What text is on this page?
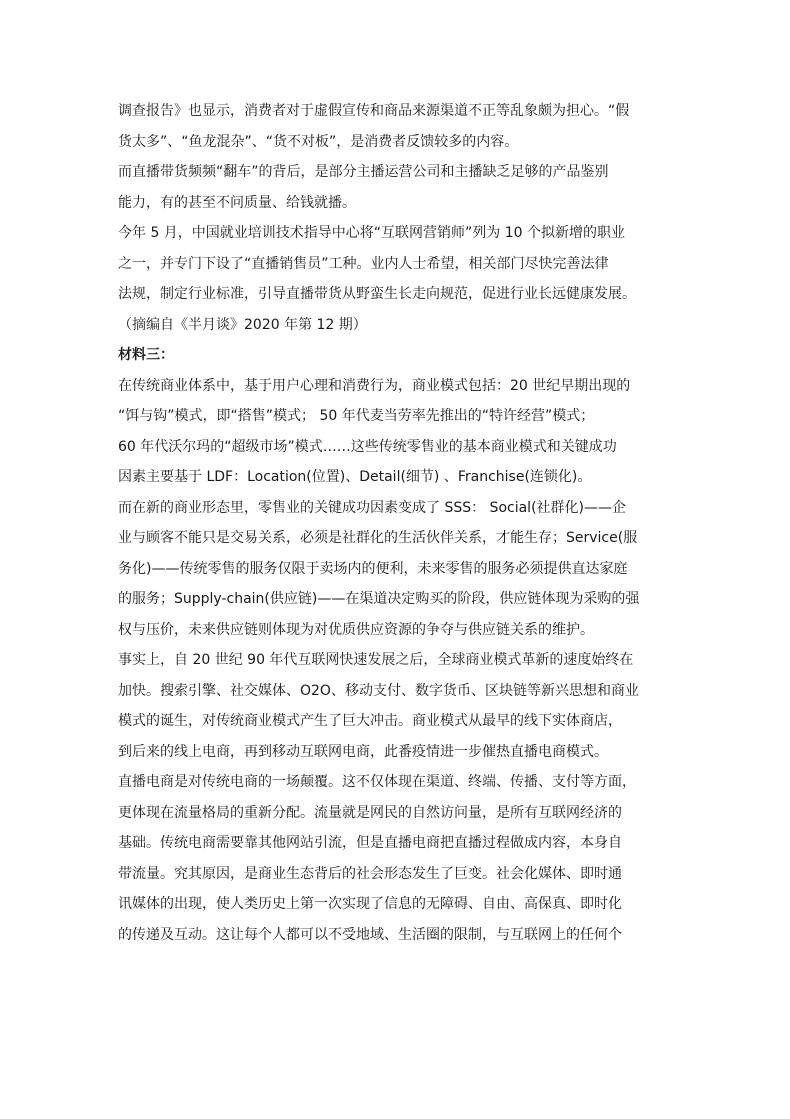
调查报告》也显示，消费者对于虚假宣传和商品来源渠道不正等乱象颇为担心。“假
货太多”、“鱼龙混杂”、“货不对板”，是消费者反馈较多的内容。
而直播带货频频“翻车”的背后，是部分主播运营公司和主播缺乏足够的产品鉴别
能力，有的甚至不问质量、给钱就播。
今年 5 月，中国就业培训技术指导中心将“互联网营销师”列为 10 个拟新增的职业
之一，并专门下设了“直播销售员”工种。业内人士希望，相关部门尽快完善法律
法规，制定行业标准，引导直播带货从野蛮生长走向规范，促进行业长远健康发展。
（摘编自《半月谈》2020 年第 12 期）
材料三：
在传统商业体系中，基于用户心理和消费行为，商业模式包括：20 世纪早期出现的
“饵与钩”模式，即“搭售”模式； 50 年代麦当劳率先推出的“特许经营”模式；
60 年代沃尔玛的“超级市场”模式……这些传统零售业的基本商业模式和关键成功
因素主要基于 LDF：Location(位置)、Detail(细节) 、Franchise(连锁化)。
而在新的商业形态里，零售业的关键成功因素变成了 SSS： Social(社群化)——企
业与顾客不能只是交易关系，必须是社群化的生活伙伴关系，才能生存；Service(服
务化)——传统零售的服务仅限于卖场内的便利，未来零售的服务必须提供直达家庭
的服务；Supply-chain(供应链)——在渠道决定购买的阶段，供应链体现为采购的强
权与压价，未来供应链则体现为对优质供应资源的争夺与供应链关系的维护。
事实上，自 20 世纪 90 年代互联网快速发展之后，全球商业模式革新的速度始终在
加快。搜索引擎、社交媒体、O2O、移动支付、数字货币、区块链等新兴思想和商业
模式的诞生，对传统商业模式产生了巨大冲击。商业模式从最早的线下实体商店，
到后来的线上电商，再到移动互联网电商，此番疫情进一步催热直播电商模式。
直播电商是对传统电商的一场颠覆。这不仅体现在渠道、终端、传播、支付等方面，
更体现在流量格局的重新分配。流量就是网民的自然访问量，是所有互联网经济的
基础。传统电商需要靠其他网站引流，但是直播电商把直播过程做成内容，本身自
带流量。究其原因，是商业生态背后的社会形态发生了巨变。社会化媒体、即时通
讯媒体的出现，使人类历史上第一次实现了信息的无障碍、自由、高保真、即时化
的传递及互动。这让每个人都可以不受地域、生活圈的限制，与互联网上的任何个
